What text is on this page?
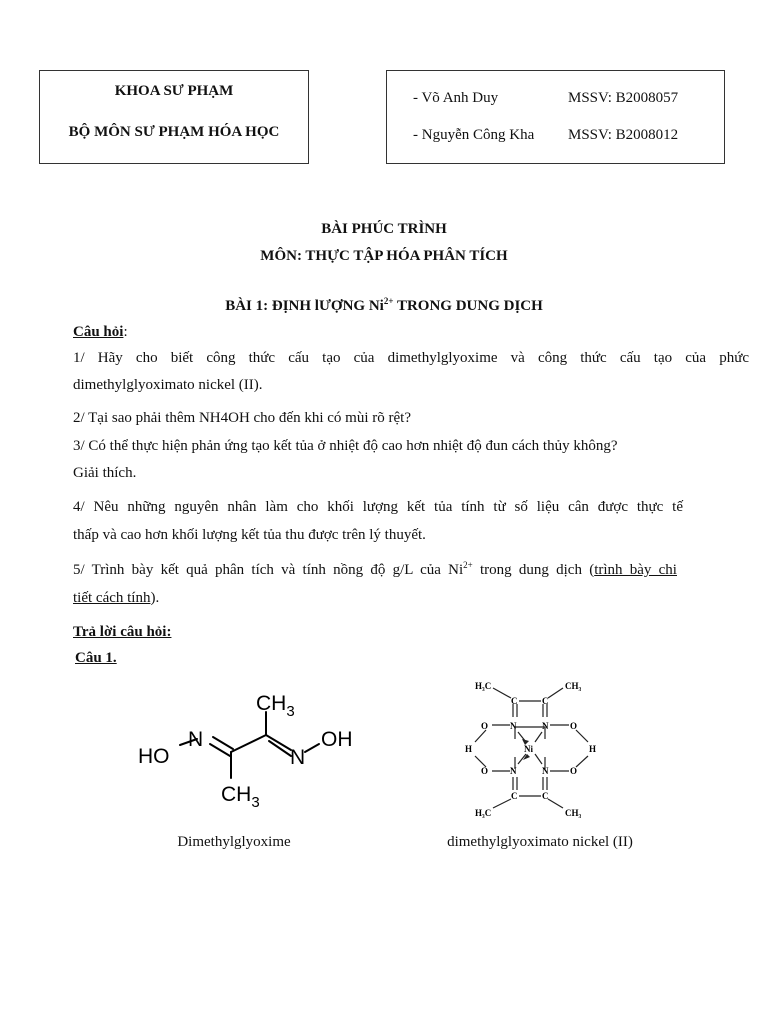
KHOA SƯ PHẠM
BỘ MÔN SƯ PHẠM HÓA HỌC
- Võ Anh Duy	MSSV: B2008057
- Nguyễn Công Kha MSSV: B2008012
BÀI PHÚC TRÌNH
MÔN: THỰC TẬP HÓA PHÂN TÍCH
BÀI 1: ĐỊNH lƯỢNG $Ni^{2+}$ TRONG DUNG DỊCH
Câu hỏi:
1/ Hãy cho biết công thức cấu tạo của dimethylglyoxime và công thức cấu tạo của phức
dimethylglyoximato nickel (II).
2/ Tại sao phải thêm NH4OH cho đến khi có mùi rõ rệt?
3/ Có thể thực hiện phản ứng tạo kết tủa ở nhiệt độ cao hơn nhiệt độ đun cách thủy không?
Giải thích.
4/ Nêu những nguyên nhân làm cho khối lượng kết tủa tính từ số liệu cân được thực tế
thấp và cao hơn khối lượng kết tủa thu được trên lý thuyết.
5/ Trình bày kết quả phân tích và tính nồng độ g/L của $Ni^{2+}$ trong dung dịch (trình bày chi
tiết cách tính).
Trả lời câu hỏi:
Câu 1.
$CH_3$
HO
N
N
OH
$CH_3$
Dimethylglyoxime
H₃C	CH₃
C	C
N	N
O	O
H	H
Ni
O	O
N	N
C	C
H₃C	CH₃
dimethylglyoximato nickel (II)
